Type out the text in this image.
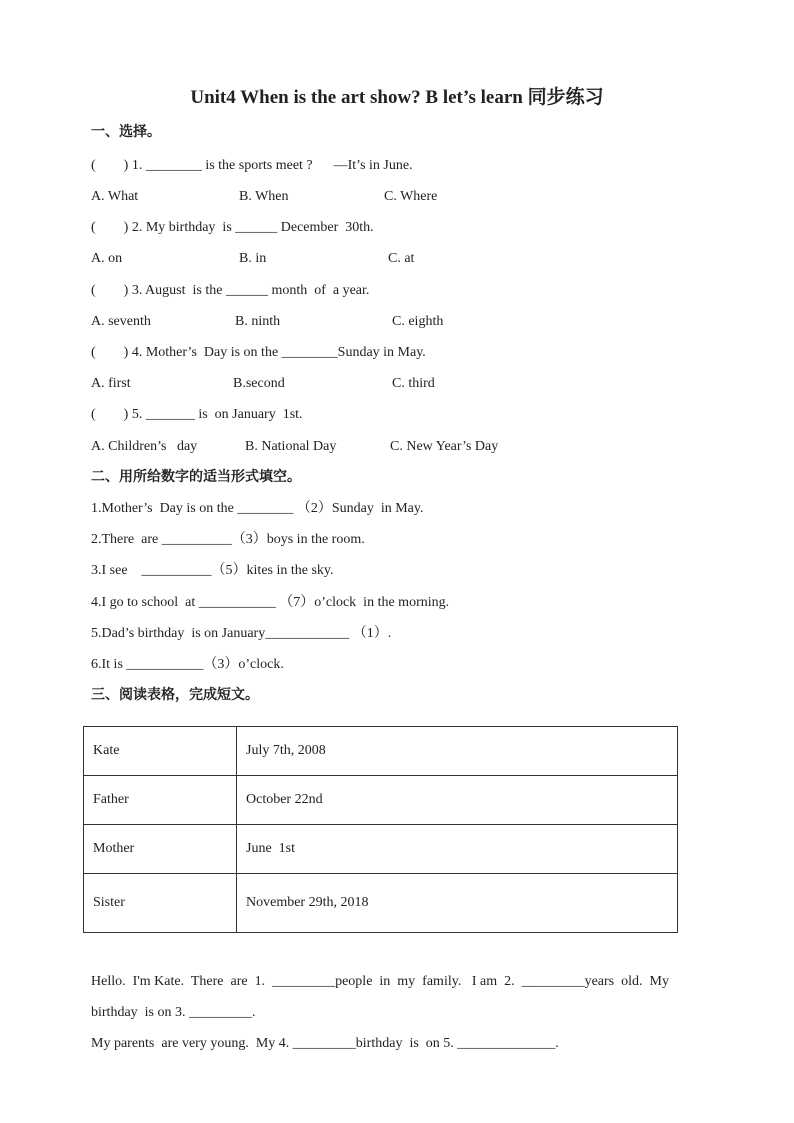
Unit4 When is the art show? B let’s learn 同步练习
一、选择。
(        ) 1. ________ is the sports meet ?      —It’s in June.
A. What	B. When	C. Where
(        ) 2. My birthday  is ______ December  30th.
A. on	B. in	C. at
(        ) 3. August  is the ______ month  of  a year.
A. seventh	B. ninth	C. eighth
(        ) 4. Mother’s  Day is on the ________Sunday in May.
A. first	B.second	C. third
(        ) 5. _______ is  on January  1st.
A. Children’s   day	B. National Day	C. New Year’s Day
二、用所给数字的适当形式填空。
1.Mother’s  Day is on the ________ （2）Sunday  in May.
2.There  are __________（3）boys in the room.
3.I see    __________（5）kites in the sky.
4.I go to school  at ___________ （7）o’clock  in the morning.
5.Dad’s birthday  is on January____________ （1）.
6.It is ___________（3）o’clock.
三、阅读表格，完成短文。
Kate	July 7th, 2008
Father	October 22nd
Mother	June  1st
Sister	November 29th, 2018
Hello.  I'm Kate.  There  are  1.  _________people  in  my  family.   I am  2.  _________years  old.  My
birthday  is on 3. _________.
My parents  are very young.  My 4. _________birthday  is  on 5. ______________.
